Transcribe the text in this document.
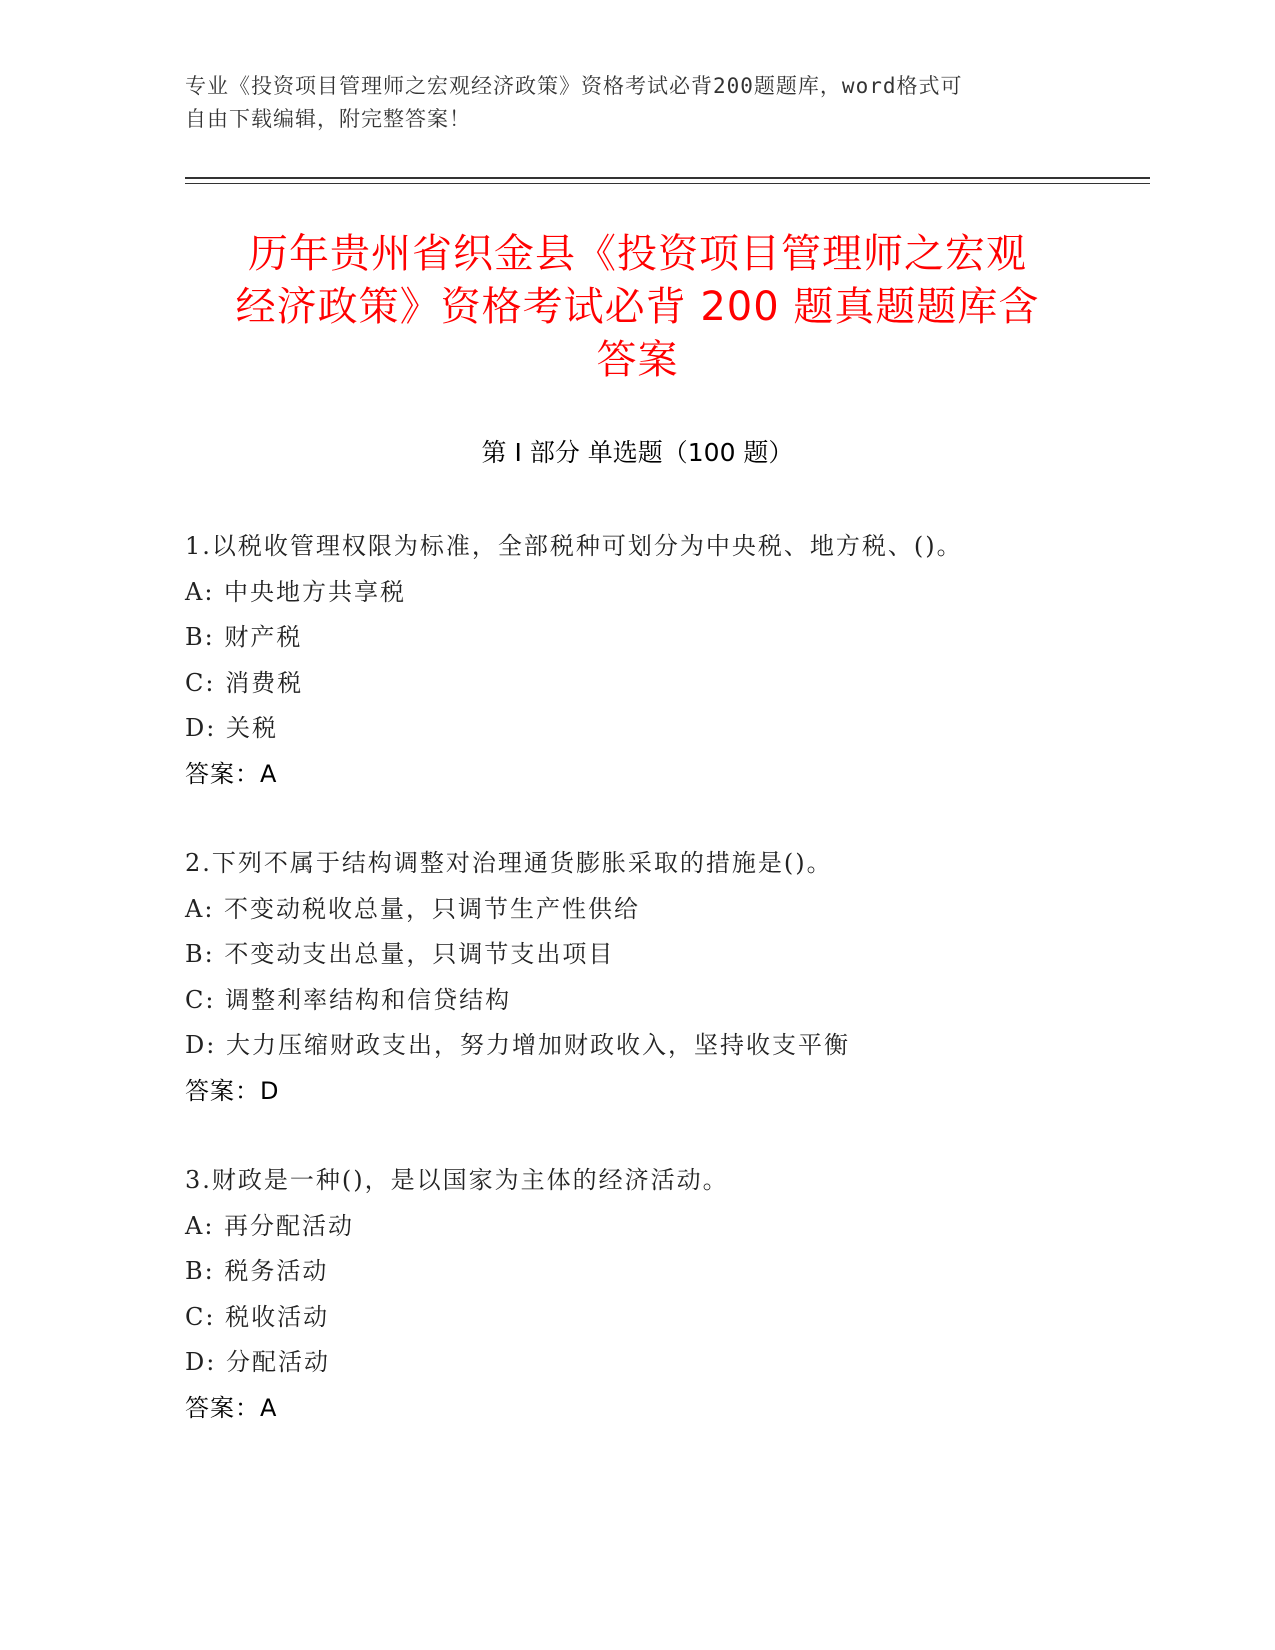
专业《投资项目管理师之宏观经济政策》资格考试必背200题题库，word格式可
自由下载编辑，附完整答案！
历年贵州省织金县《投资项目管理师之宏观
经济政策》资格考试必背 200 题真题题库含
答案
第 I 部分 单选题（100 题）
1.以税收管理权限为标准，全部税种可划分为中央税、地方税、()。
A: 中央地方共享税
B: 财产税
C: 消费税
D: 关税
答案：A
2.下列不属于结构调整对治理通货膨胀采取的措施是()。
A: 不变动税收总量，只调节生产性供给
B: 不变动支出总量，只调节支出项目
C: 调整利率结构和信贷结构
D: 大力压缩财政支出，努力增加财政收入，坚持收支平衡
答案：D
3.财政是一种()，是以国家为主体的经济活动。
A: 再分配活动
B: 税务活动
C: 税收活动
D: 分配活动
答案：A
